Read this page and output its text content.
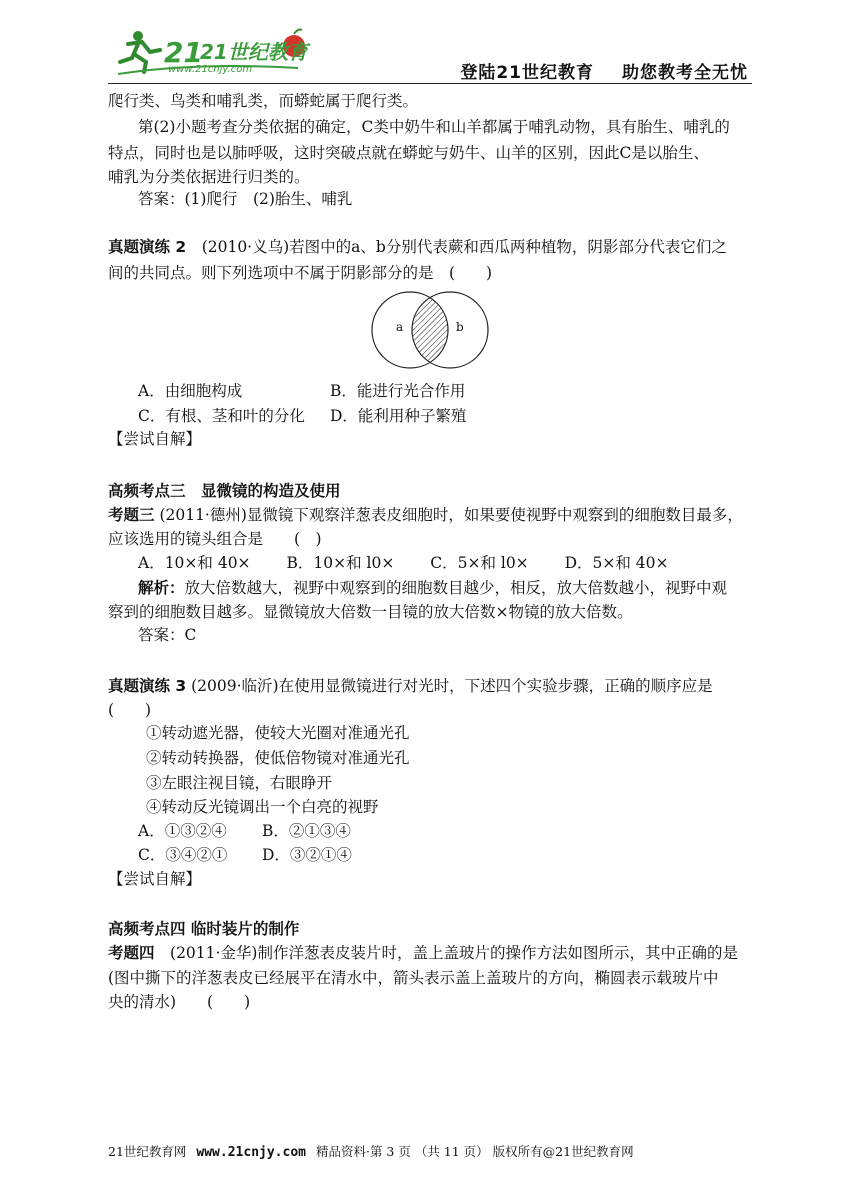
21
21世纪教育
www.21cnjy.com	登陆21世纪教育 助您教考全无忧
爬行类、鸟类和哺乳类，而蟒蛇属于爬行类。
第(2)小题考查分类依据的确定，C类中奶牛和山羊都属于哺乳动物，具有胎生、哺乳的
特点，同时也是以肺呼吸，这时突破点就在蟒蛇与奶牛、山羊的区别，因此C是以胎生、
哺乳为分类依据进行归类的。
答案：(1)爬行　(2)胎生、哺乳
真题演练 2　(2010·义乌)若图中的a、b分别代表蕨和西瓜两种植物，阴影部分代表它们之
间的共同点。则下列选项中不属于阴影部分的是　(　　)
a	b
A．由细胞构成	B．能进行光合作用
C．有根、茎和叶的分化 D．能利用种子繁殖
【尝试自解】
高频考点三　显微镜的构造及使用
考题三 (2011·德州)显微镜下观察洋葱表皮细胞时，如果要使视野中观察到的细胞数目最多，
应该选用的镜头组合是　　(　)
A．10×和 40×　　 B．10×和 l0×　　 C．5×和 l0×　　 D．5×和 40×
解析：放大倍数越大，视野中观察到的细胞数目越少，相反，放大倍数越小，视野中观
察到的细胞数目越多。显微镜放大倍数一目镜的放大倍数×物镜的放大倍数。
答案：C
真题演练 3 (2009·临沂)在使用显微镜进行对光时，下述四个实验步骤，正确的顺序应是
(　　)
①转动遮光器，使较大光圈对准通光孔
②转动转换器，使低倍物镜对准通光孔
③左眼注视目镜，右眼睁开
④转动反光镜调出一个白亮的视野
A．①③②④ B．②①③④
C．③④②① D．③②①④
【尝试自解】
高频考点四 临时装片的制作
考题四　(2011·金华)制作洋葱表皮装片时，盖上盖玻片的操作方法如图所示，其中正确的是
(图中撕下的洋葱表皮已经展平在清水中，箭头表示盖上盖玻片的方向，椭圆表示载玻片中
央的清水)　　(　　)
21世纪教育网 www.21cnjy.com 精品资料·第 3 页 （共 11 页） 版权所有@21世纪教育网
